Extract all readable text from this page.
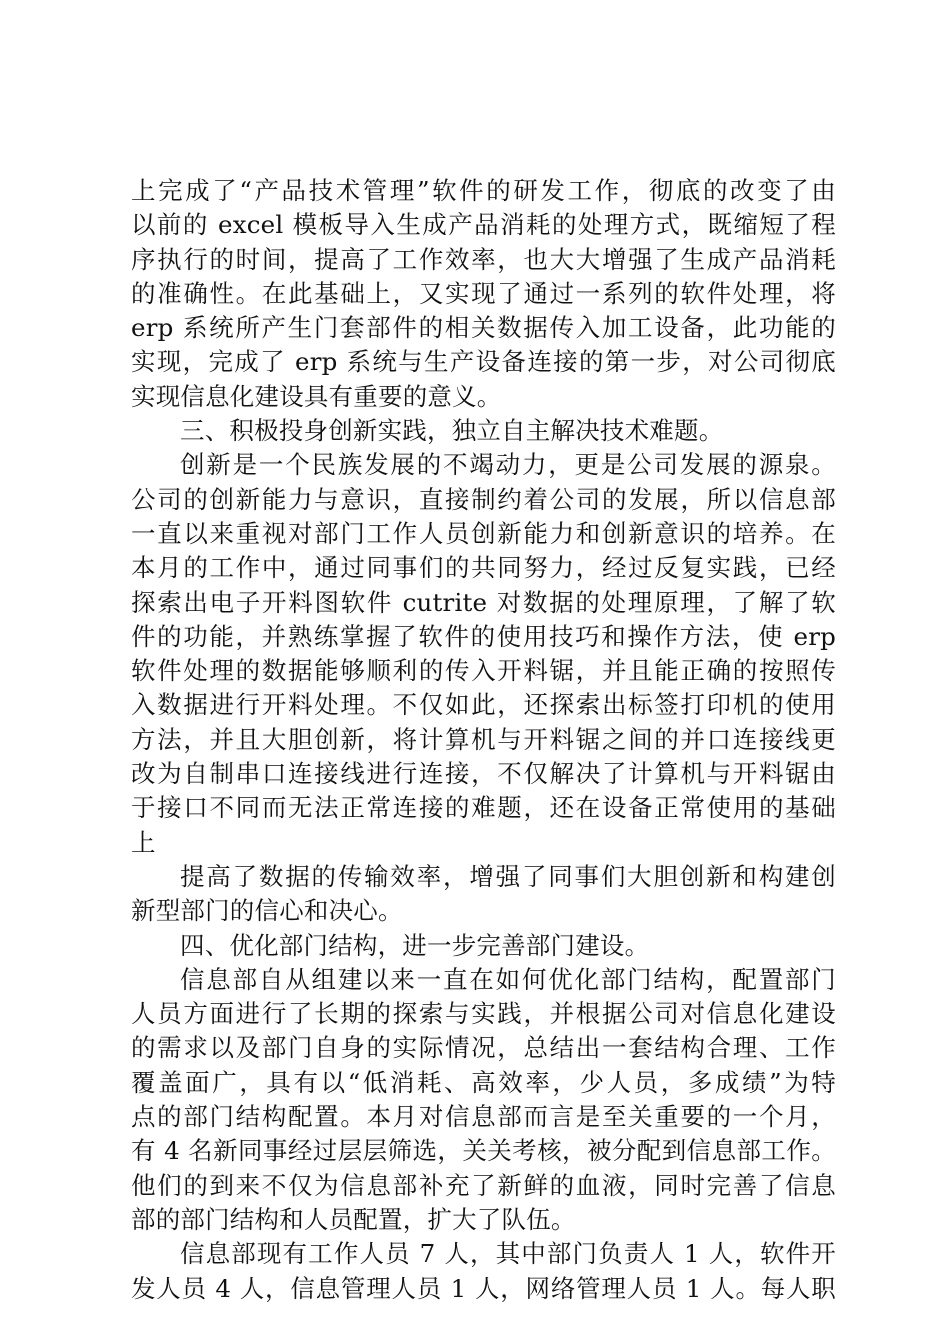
上完成了“产品技术管理”软件的研发工作，彻底的改变了由
以前的 excel 模板导入生成产品消耗的处理方式，既缩短了程
序执行的时间，提高了工作效率，也大大增强了生成产品消耗
的准确性。在此基础上，又实现了通过一系列的软件处理，将
erp 系统所产生门套部件的相关数据传入加工设备，此功能的
实现，完成了 erp 系统与生产设备连接的第一步，对公司彻底
实现信息化建设具有重要的意义。
三、积极投身创新实践，独立自主解决技术难题。
创新是一个民族发展的不竭动力，更是公司发展的源泉。
公司的创新能力与意识，直接制约着公司的发展，所以信息部
一直以来重视对部门工作人员创新能力和创新意识的培养。在
本月的工作中，通过同事们的共同努力，经过反复实践，已经
探索出电子开料图软件 cutrite 对数据的处理原理，了解了软
件的功能，并熟练掌握了软件的使用技巧和操作方法，使 erp
软件处理的数据能够顺利的传入开料锯，并且能正确的按照传
入数据进行开料处理。不仅如此，还探索出标签打印机的使用
方法，并且大胆创新，将计算机与开料锯之间的并口连接线更
改为自制串口连接线进行连接，不仅解决了计算机与开料锯由
于接口不同而无法正常连接的难题，还在设备正常使用的基础
上
提高了数据的传输效率，增强了同事们大胆创新和构建创
新型部门的信心和决心。
四、优化部门结构，进一步完善部门建设。
信息部自从组建以来一直在如何优化部门结构，配置部门
人员方面进行了长期的探索与实践，并根据公司对信息化建设
的需求以及部门自身的实际情况，总结出一套结构合理、工作
覆盖面广，具有以“低消耗、高效率，少人员，多成绩”为特
点的部门结构配置。本月对信息部而言是至关重要的一个月，
有 4 名新同事经过层层筛选，关关考核，被分配到信息部工作。
他们的到来不仅为信息部补充了新鲜的血液，同时完善了信息
部的部门结构和人员配置，扩大了队伍。
信息部现有工作人员 7 人，其中部门负责人 1 人，软件开
发人员 4 人，信息管理人员 1 人，网络管理人员 1 人。每人职
